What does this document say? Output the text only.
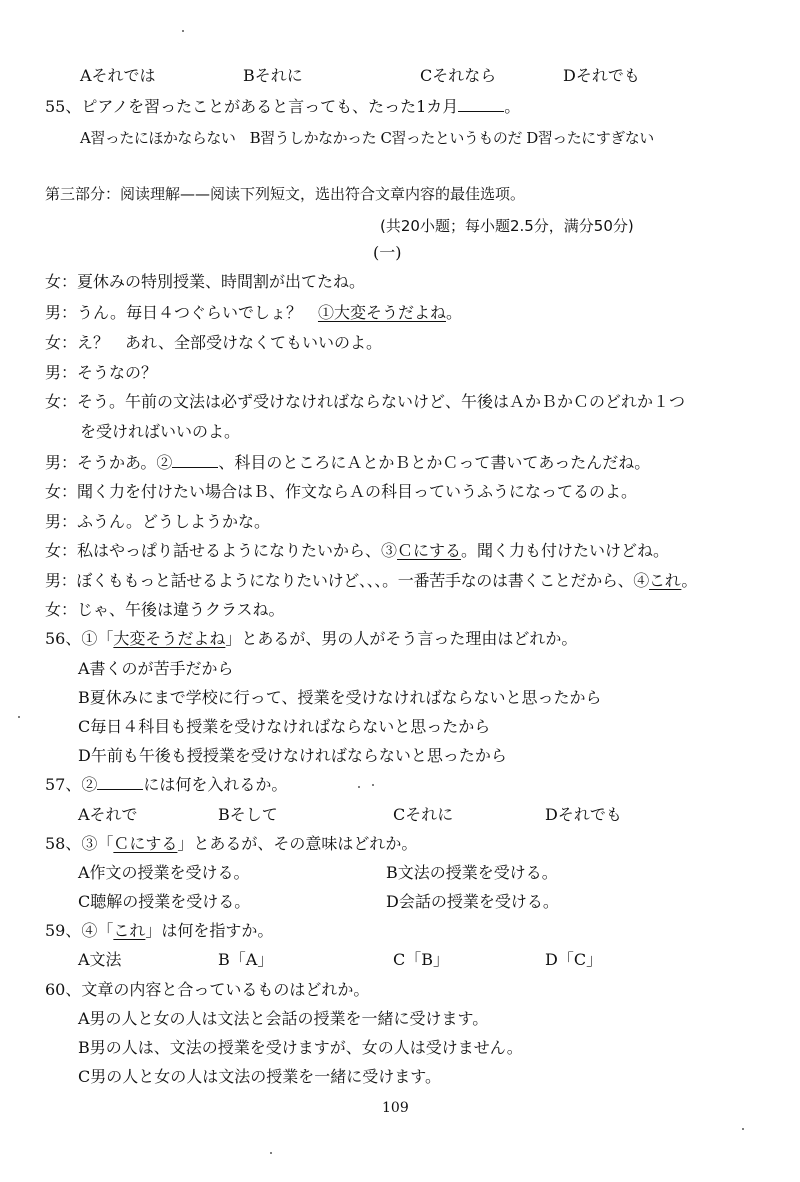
Aそれでは	Bそれに	Cそれなら	Dそれでも
55、ピアノを習ったことがあると言っても、たった1カ月	。
A習ったにほかならない B習うしかなかった C習ったというものだ D習ったにすぎない
第三部分：阅读理解——阅读下列短文，选出符合文章内容的最佳选项。
(共20小题；每小题2.5分，满分50分)
(一)
女：夏休みの特別授業、時間割が出てたね。
男：うん。毎日４つぐらいでしょ？　①大変そうだよね。
女：え？　あれ、全部受けなくてもいいのよ。
男：そうなの？
女：そう。午前の文法は必ず受けなければならないけど、午後はＡかＢかＣのどれか１つ
を受ければいいのよ。
男：そうかあ。②	、科目のところにＡとかＢとかＣって書いてあったんだね。
女：聞く力を付けたい場合はＢ、作文ならＡの科目っていうふうになってるのよ。
男：ふうん。どうしようかな。
女：私はやっぱり話せるようになりたいから、③Ｃにする。聞く力も付けたいけどね。
男：ぼくももっと話せるようになりたいけど、、、。一番苦手なのは書くことだから、④これ。
女：じゃ、午後は違うクラスね。
56、①「大変そうだよね」とあるが、男の人がそう言った理由はどれか。
A書くのが苦手だから
B夏休みにまで学校に行って、授業を受けなければならないと思ったから
C毎日４科目も授業を受けなければならないと思ったから
D午前も午後も授授業を受けなければならないと思ったから
57、②	には何を入れるか。
Aそれで	Bそして	Cそれに	Dそれでも
58、③「Ｃにする」とあるが、その意味はどれか。
A作文の授業を受ける。	B文法の授業を受ける。
C聴解の授業を受ける。	D会話の授業を受ける。
59、④「これ」は何を指すか。
A文法	B「A」	C「B」	D「C」
60、文章の内容と合っているものはどれか。
A男の人と女の人は文法と会話の授業を一緒に受けます。
B男の人は、文法の授業を受けますが、女の人は受けません。
C男の人と女の人は文法の授業を一緒に受けます。
109
